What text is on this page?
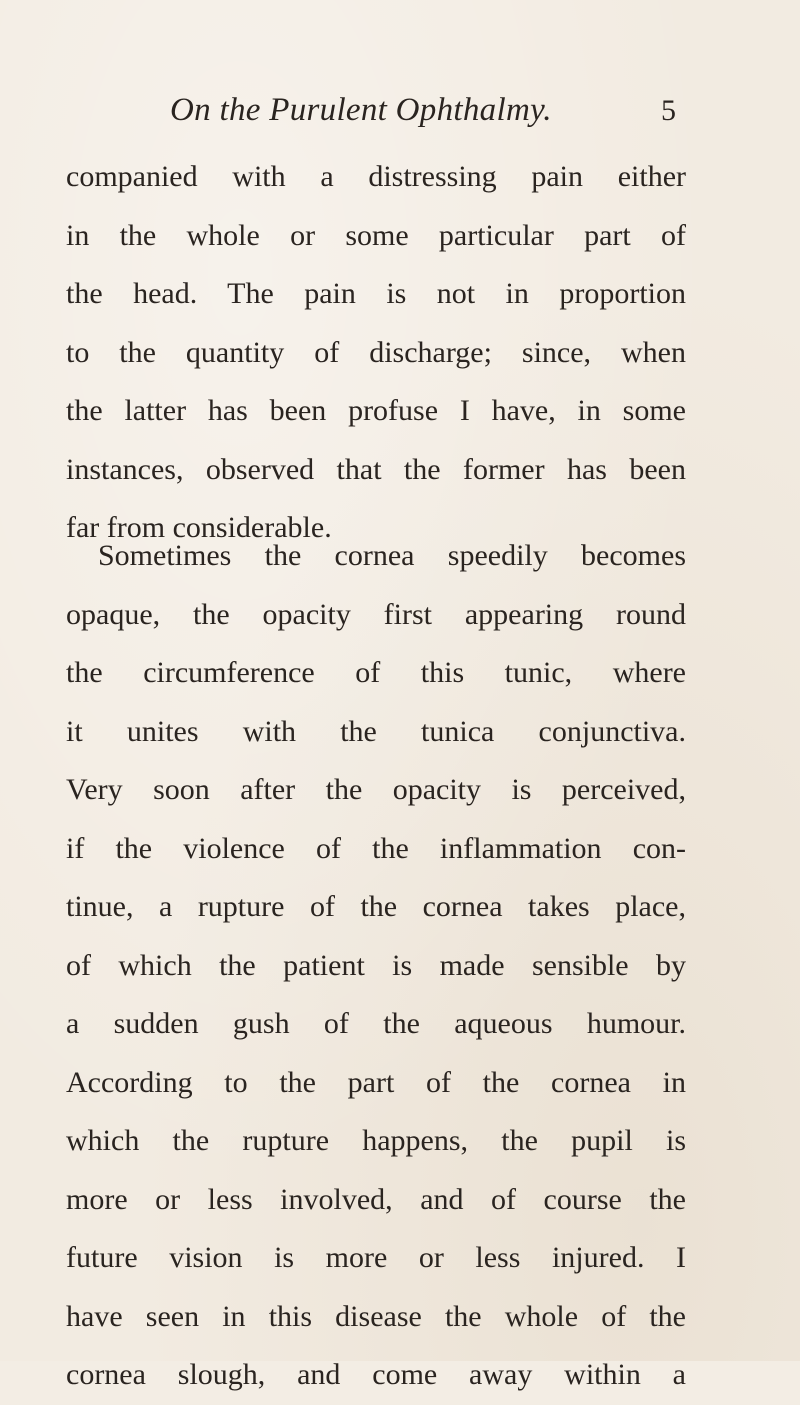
On the Purulent Ophthalmy.	5
companied with a distressing pain either
in the whole or some particular part of
the head. The pain is not in proportion
to the quantity of discharge; since, when
the latter has been profuse I have, in some
instances, observed that the former has been
far from considerable.
Sometimes the cornea speedily becomes
opaque, the opacity first appearing round
the circumference of this tunic, where
it unites with the tunica conjunctiva.
Very soon after the opacity is perceived,
if the violence of the inflammation con-
tinue, a rupture of the cornea takes place,
of which the patient is made sensible by
a sudden gush of the aqueous humour.
According to the part of the cornea in
which the rupture happens, the pupil is
more or less involved, and of course the
future vision is more or less injured. I
have seen in this disease the whole of the
cornea slough, and come away within a
